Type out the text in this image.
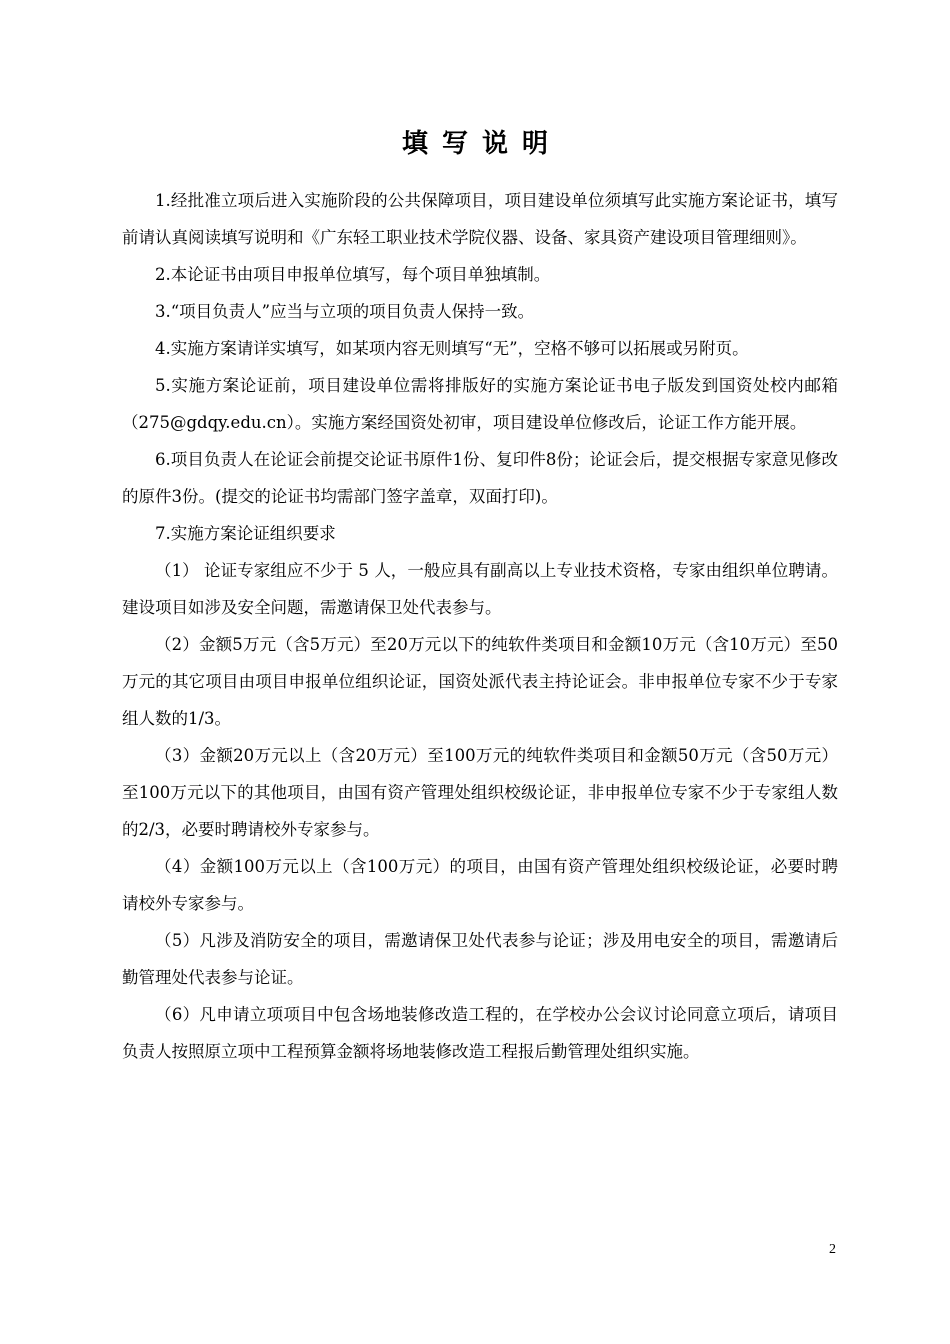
填写说明

1.经批准立项后进入实施阶段的公共保障项目，项目建设单位须填写此实施方案论证书，填写前请认真阅读填写说明和《广东轻工职业技术学院仪器、设备、家具资产建设项目管理细则》。

2.本论证书由项目申报单位填写，每个项目单独填制。

3.“项目负责人”应当与立项的项目负责人保持一致。

4.实施方案请详实填写，如某项内容无则填写“无”，空格不够可以拓展或另附页。

5.实施方案论证前，项目建设单位需将排版好的实施方案论证书电子版发到国资处校内邮箱（275@gdqy.edu.cn）。实施方案经国资处初审，项目建设单位修改后，论证工作方能开展。

6.项目负责人在论证会前提交论证书原件1份、复印件8份；论证会后，提交根据专家意见修改的原件3份。(提交的论证书均需部门签字盖章，双面打印)。

7.实施方案论证组织要求

（1） 论证专家组应不少于 5 人，一般应具有副高以上专业技术资格，专家由组织单位聘请。建设项目如涉及安全问题，需邀请保卫处代表参与。

（2）金额5万元（含5万元）至20万元以下的纯软件类项目和金额10万元（含10万元）至50万元的其它项目由项目申报单位组织论证，国资处派代表主持论证会。非申报单位专家不少于专家组人数的1/3。

（3）金额20万元以上（含20万元）至100万元的纯软件类项目和金额50万元（含50万元）至100万元以下的其他项目，由国有资产管理处组织校级论证，非申报单位专家不少于专家组人数的2/3，必要时聘请校外专家参与。

（4）金额100万元以上（含100万元）的项目，由国有资产管理处组织校级论证，必要时聘请校外专家参与。

（5）凡涉及消防安全的项目，需邀请保卫处代表参与论证；涉及用电安全的项目，需邀请后勤管理处代表参与论证。

（6）凡申请立项项目中包含场地装修改造工程的，在学校办公会议讨论同意立项后，请项目负责人按照原立项中工程预算金额将场地装修改造工程报后勤管理处组织实施。

2
